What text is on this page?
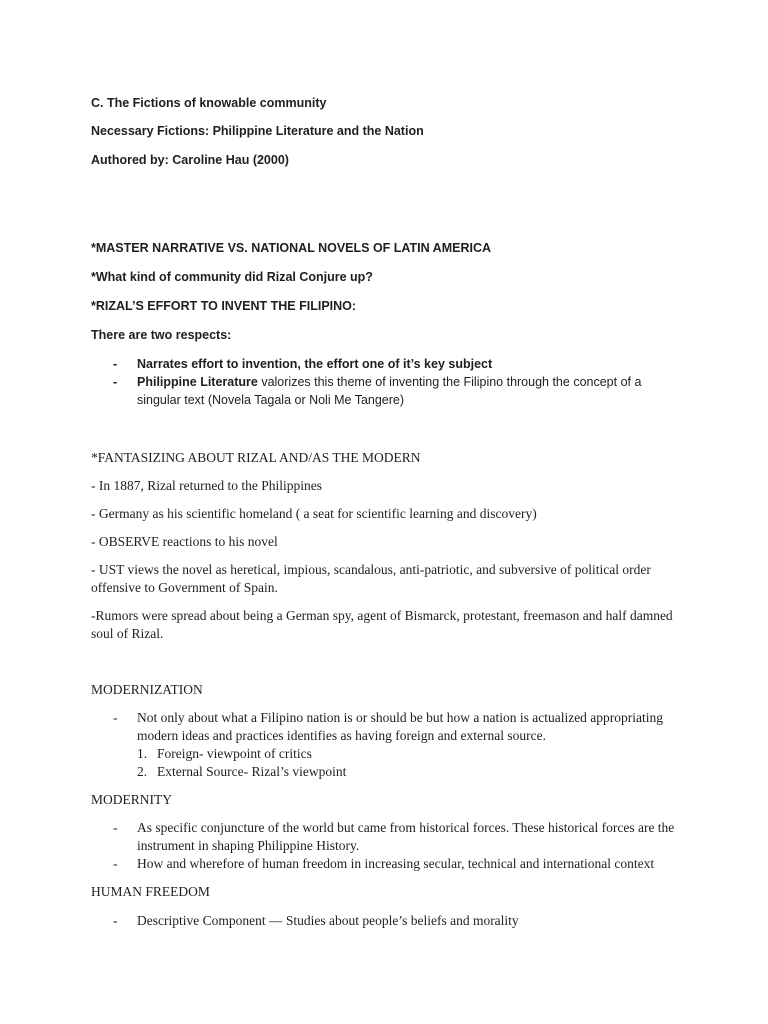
C. The Fictions of knowable community

Necessary Fictions: Philippine Literature and the Nation

Authored by: Caroline Hau (2000)

*MASTER NARRATIVE VS. NATIONAL NOVELS OF LATIN AMERICA

*What kind of community did Rizal Conjure up?

*RIZAL’S EFFORT TO INVENT THE FILIPINO:

There are two respects:

-	Narrates effort to invention, the effort one of it’s key subject
-	Philippine Literature valorizes this theme of inventing the Filipino through the concept of a singular text (Novela Tagala or Noli Me Tangere)

*FANTASIZING ABOUT RIZAL AND/AS THE MODERN

- In 1887, Rizal returned to the Philippines

- Germany as his scientific homeland ( a seat for scientific learning and discovery)

- OBSERVE reactions to his novel

- UST views the novel as heretical, impious, scandalous, anti-patriotic, and subversive of political order offensive to Government of Spain.

-Rumors were spread about being a German spy, agent of Bismarck, protestant, freemason and half damned soul of Rizal.

MODERNIZATION

-	Not only about what a Filipino nation is or should be but how a nation is actualized appropriating modern ideas and practices identifies as having foreign and external source.
1. Foreign- viewpoint of critics
2. External Source- Rizal’s viewpoint

MODERNITY

-	As specific conjuncture of the world but came from historical forces. These historical forces are the instrument in shaping Philippine History.
-	How and wherefore of human freedom in increasing secular, technical and international context

HUMAN FREEDOM

-	Descriptive Component — Studies about people’s beliefs and morality
